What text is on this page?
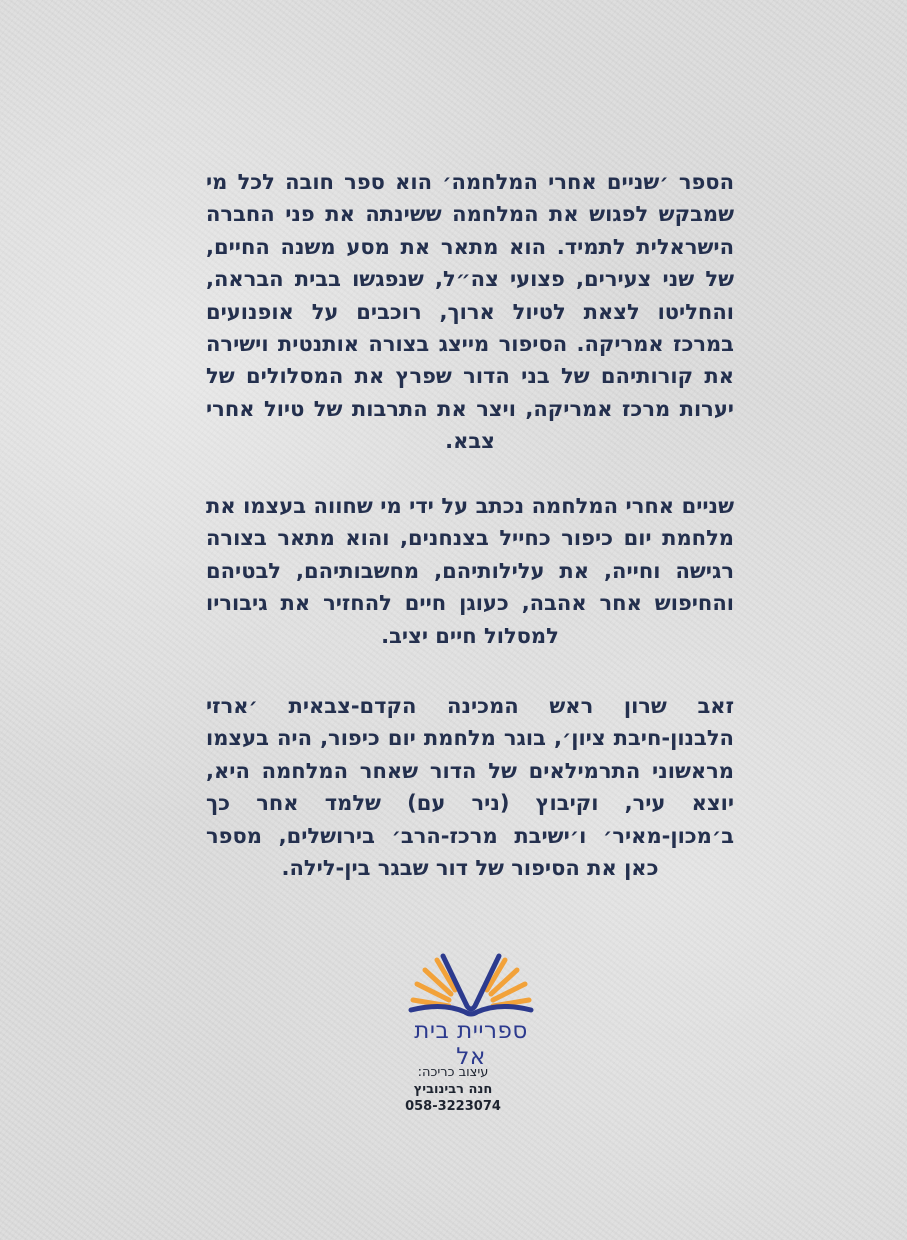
הספר ׳שניים אחרי המלחמה׳ הוא ספר חובה לכל מי שמבקש לפגוש את המלחמה ששינתה את פני החברה הישראלית לתמיד. הוא מתאר את מסע משנה החיים, של שני צעירים, פצועי צה״ל, שנפגשו בבית הבראה, והחליטו לצאת לטיול ארוך, רוכבים על אופנועים במרכז אמריקה. הסיפור מייצג בצורה אותנטית וישירה את קורותיהם של בני הדור שפרץ את המסלולים של יערות מרכז אמריקה, ויצר את התרבות של טיול אחרי צבא.

שניים אחרי המלחמה נכתב על ידי מי שחווה בעצמו את מלחמת יום כיפור כחייל בצנחנים, והוא מתאר בצורה רגישה וחייה, את עלילותיהם, מחשבותיהם, לבטיהם והחיפוש אחר אהבה, כעוגן חיים להחזיר את גיבוריו למסלול חיים יציב.

זאב שרון ראש המכינה הקדם-צבאית ׳ארזי הלבנון-חיבת ציון׳, בוגר מלחמת יום כיפור, היה בעצמו מראשוני התרמילאים של הדור שאחר המלחמה היא, יוצא עיר, וקיבוץ (ניר עם) שלמד אחר כך ב׳מכון-מאיר׳ ו׳ישיבת מרכז-הרב׳ בירושלים, מספר כאן את הסיפור של דור שבגר בין-לילה.

ספריית בית אל
עיצוב כריכה:
חנה רבינוביץ
058-3223074
